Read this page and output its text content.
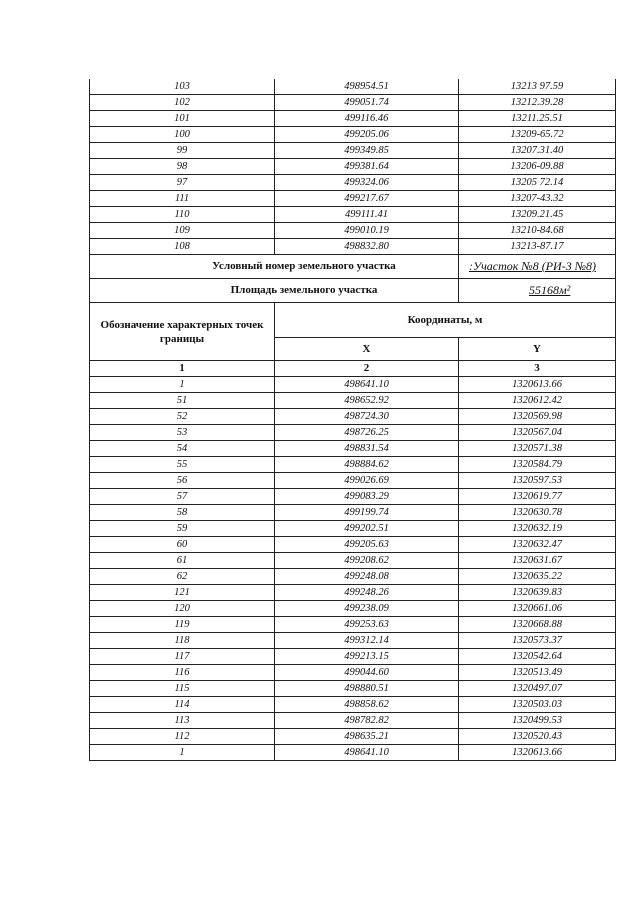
103	498954.51	13213 97.59
102	499051.74	13212.39.28
101	499116.46	13211.25.51
100	499205.06	13209-65.72
99	499349.85	13207.31.40
98	499381.64	13206-09.88
97	499324.06	13205 72.14
111	499217.67	13207-43.32
110	499111.41	13209.21.45
109	499010.19	13210-84.68
108	498832.80	13213-87.17
Условный номер земельного участка		:Участок №8 (РИ-3 №8)
Площадь земельного участка		55168м²
Обозначение характерных точек границы	Координаты, м	
	X	Y
1	2	3
1	498641.10	1320613.66
51	498652.92	1320612.42
52	498724.30	1320569.98
53	498726.25	1320567.04
54	498831.54	1320571.38
55	498884.62	1320584.79
56	499026.69	1320597.53
57	499083.29	1320619.77
58	499199.74	1320630.78
59	499202.51	1320632.19
60	499205.63	1320632.47
61	499208.62	1320631.67
62	499248.08	1320635.22
121	499248.26	1320639.83
120	499238.09	1320661.06
119	499253.63	1320668.88
118	499312.14	1320573.37
117	499213.15	1320542.64
116	499044.60	1320513.49
115	498880.51	1320497.07
114	498858.62	1320503.03
113	498782.82	1320499.53
112	498635.21	1320520.43
1	498641.10	1320613.66
